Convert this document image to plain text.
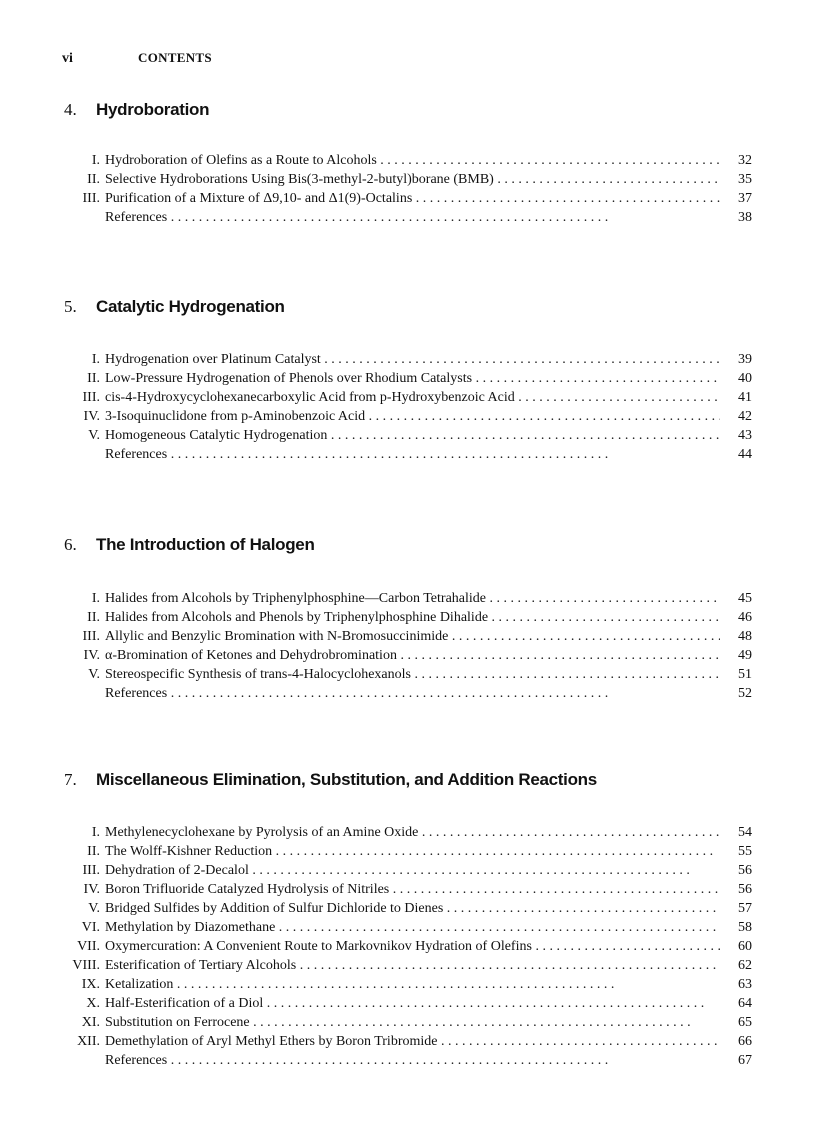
vi	CONTENTS
4. Hydroboration
I. Hydroboration of Olefins as a Route to Alcohols . .	32
II. Selective Hydroborations Using Bis(3-methyl-2-butyl)borane (BMB) . .	35
III. Purification of a Mixture of Δ9,10- and Δ1(9)-Octalins . .	37
References . .	38
5. Catalytic Hydrogenation
I. Hydrogenation over Platinum Catalyst . .	39
II. Low-Pressure Hydrogenation of Phenols over Rhodium Catalysts . .	40
III. cis-4-Hydroxycyclohexanecarboxylic Acid from p-Hydroxybenzoic Acid . .	41
IV. 3-Isoquinuclidone from p-Aminobenzoic Acid . .	42
V. Homogeneous Catalytic Hydrogenation . .	43
References . .	44
6. The Introduction of Halogen
I. Halides from Alcohols by Triphenylphosphine—Carbon Tetrahalide . .	45
II. Halides from Alcohols and Phenols by Triphenylphosphine Dihalide . .	46
III. Allylic and Benzylic Bromination with N-Bromosuccinimide . .	48
IV. α-Bromination of Ketones and Dehydrobromination . .	49
V. Stereospecific Synthesis of trans-4-Halocyclohexanols . .	51
References . .	52
7. Miscellaneous Elimination, Substitution, and Addition Reactions
I. Methylenecyclohexane by Pyrolysis of an Amine Oxide . .	54
II. The Wolff-Kishner Reduction . .	55
III. Dehydration of 2-Decalol . .	56
IV. Boron Trifluoride Catalyzed Hydrolysis of Nitriles . .	56
V. Bridged Sulfides by Addition of Sulfur Dichloride to Dienes . .	57
VI. Methylation by Diazomethane . .	58
VII. Oxymercuration: A Convenient Route to Markovnikov Hydration of Olefins . .	60
VIII. Esterification of Tertiary Alcohols . .	62
IX. Ketalization . .	63
X. Half-Esterification of a Diol . .	64
XI. Substitution on Ferrocene . .	65
XII. Demethylation of Aryl Methyl Ethers by Boron Tribromide . .	66
References . .	67
